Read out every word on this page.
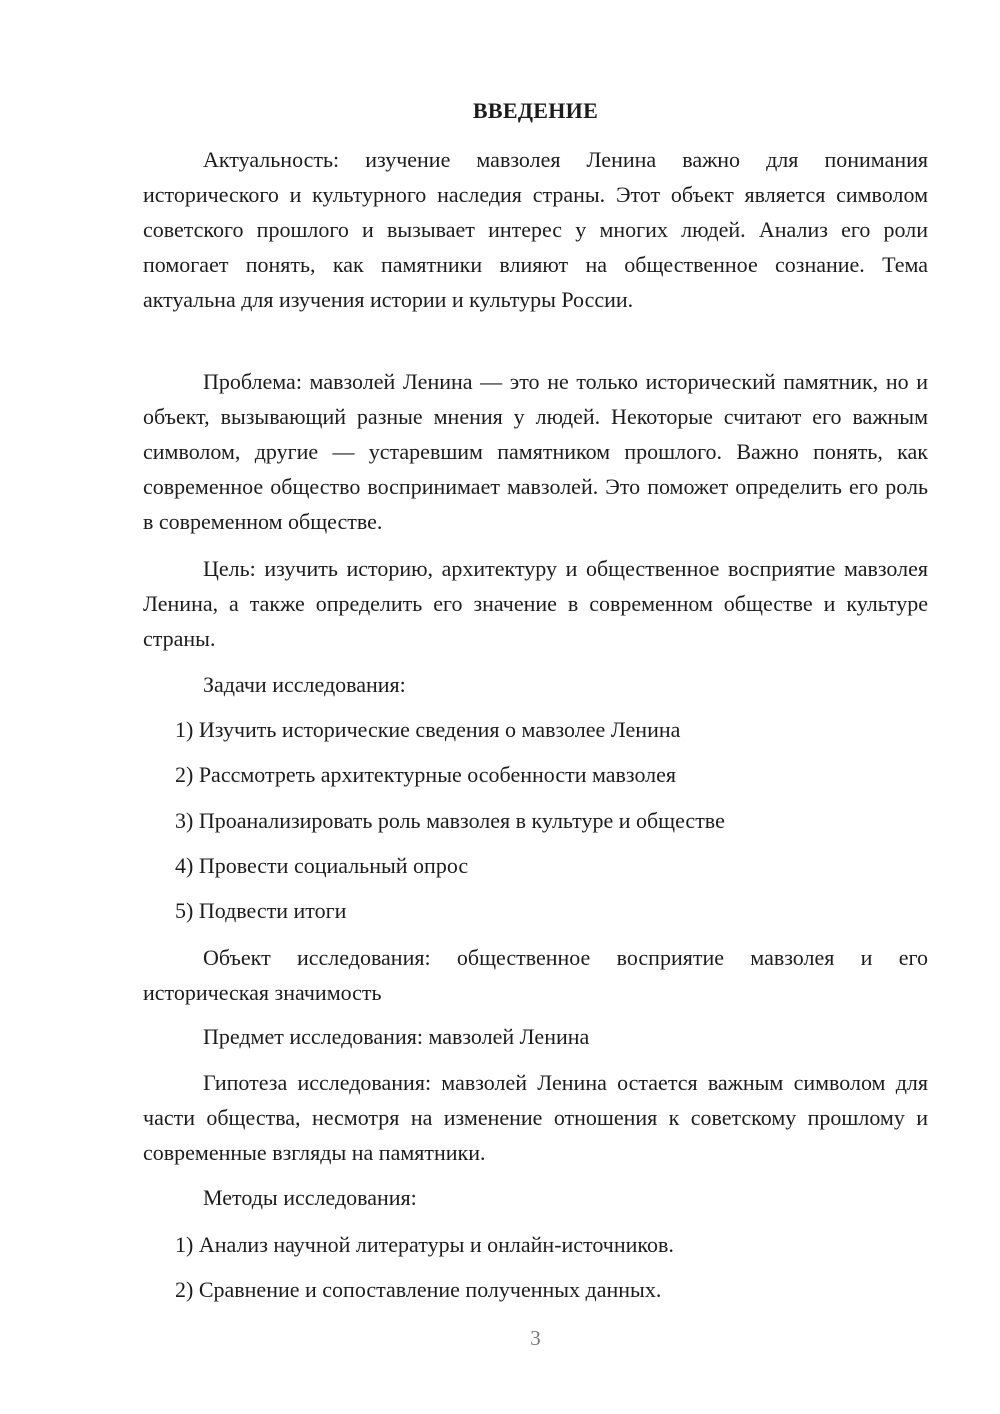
ВВЕДЕНИЕ

Актуальность: изучение мавзолея Ленина важно для понимания исторического и культурного наследия страны. Этот объект является символом советского прошлого и вызывает интерес у многих людей. Анализ его роли помогает понять, как памятники влияют на общественное сознание. Тема актуальна для изучения истории и культуры России.

Проблема: мавзолей Ленина — это не только исторический памятник, но и объект, вызывающий разные мнения у людей. Некоторые считают его важным символом, другие — устаревшим памятником прошлого. Важно понять, как современное общество воспринимает мавзолей. Это поможет определить его роль в современном обществе.

Цель: изучить историю, архитектуру и общественное восприятие мавзолея Ленина, а также определить его значение в современном обществе и культуре страны.

Задачи исследования:

1) Изучить исторические сведения о мавзолее Ленина

2) Рассмотреть архитектурные особенности мавзолея

3) Проанализировать роль мавзолея в культуре и обществе

4) Провести социальный опрос

5) Подвести итоги

Объект исследования: общественное восприятие мавзолея и его историческая значимость

Предмет исследования: мавзолей Ленина

Гипотеза исследования: мавзолей Ленина остается важным символом для части общества, несмотря на изменение отношения к советскому прошлому и современные взгляды на памятники.

Методы исследования:

1) Анализ научной литературы и онлайн-источников.

2) Сравнение и сопоставление полученных данных.

3
